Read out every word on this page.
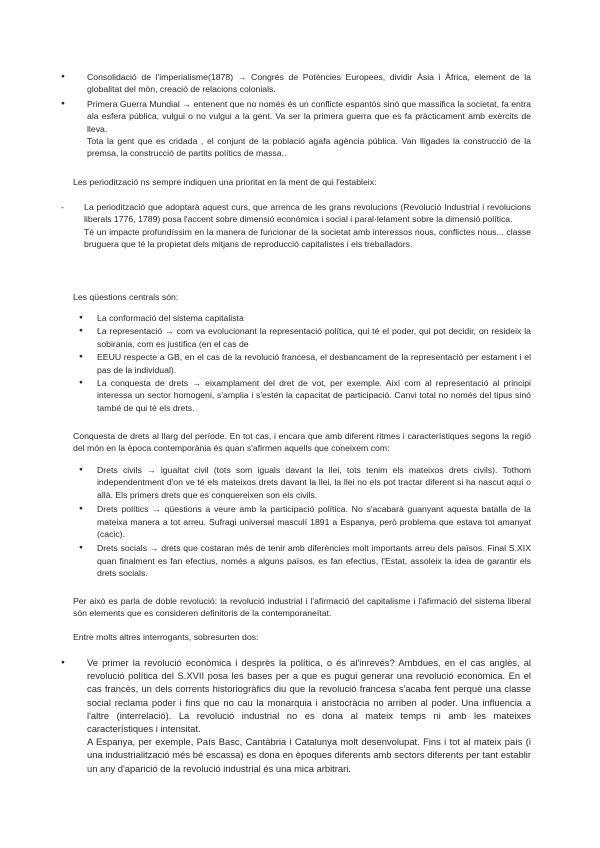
● Consolidació de l'imperialisme(1878) → Congrés de Potències Europees, dividir Àsia i Àfrica, element de la globalitat del món, creació de relacions colonials.
● Primera Guerra Mundial → entenent que no només és un conflicte espantós sinó que massifica la societat, fa entra ala esfera pública, vulgui o no vulgui a la gent. Va ser la primera guerra que es fa pràcticament amb exèrcits de lleva.
Tota la gent que es cridada , el conjunt de la població agafa agència pública. Van lligades la construcció de la premsa, la construcció de partits polítics de massa..

Les periodització ns sempre indiquen una prioritat en la ment de qui l'estableix:

- La periodització que adoptarà aquest curs, que arrenca de les grans revolucions (Revolució Industrial i revolucions liberals 1776, 1789) posa l'accent sobre dimensió econòmica i social i paral·lelament sobre la dimensió política.
Té un impacte profundíssim en la manera de funcionar de la societat amb interessos nous, conflictes nous... classe bruguera que té la propietat dels mitjans de reproducció capitalistes i els treballadors.

Les qüestions centrals són:

● La conformació del sistema capitalista
● La representació → com va evolucionant la representació política, qui té el poder, qui pot decidir, on resideix la sobirania, com es justifica (en el cas de
● EEUU respecte a GB, en el cas de la revolució francesa, el desbancament de la representació per estament i el pas de la individual).
● La conquesta de drets → eixamplament del dret de vot, per exemple. Així com al representació al principi interessa un sector homogeni, s'amplia i s'estén la capacitat de participació. Canvi total no només del tipus sinó també de qui té els drets.

Conquesta de drets al llarg del període. En tot cas, i encara que amb diferent ritmes i característiques segons la regió del món en la època contemporània és quan s'afirmen aquells que coneixem com:

● Drets civils → igualtat civil (tots som iguals davant la llei, tots tenim els mateixos drets civils). Tothom independentment d'on ve té els mateixos drets davant la llei, la llei no els pot tractar diferent si ha nascut aquí o allà. Els primers drets que es conquereixen son els civils.
● Drets polítics → qüestions a veure amb la participació política. No s'acabarà guanyant aquesta batalla de la mateixa manera a tot arreu. Sufragi universal masculí 1891 a Espanya, però problema que estava tot amanyat (cacic).
● Drets socials → drets que costaran més de tenir amb diferències molt importants arreu dels països. Final S.XIX quan finalment es fan efectius, només a alguns països, es fan efectius, l'Estat, assoleix la idea de garantir els drets socials.

Per això es parla de doble revolució: la revolució industrial i l'afirmació del capitalisme i l'afirmació del sistema liberal són elements que es consideren definitoris de la contemporaneïtat.

Entre molts altres interrogants, sobresurten dos:

● Ve primer la revolució econòmica i desprès la política, o és al'inrevés? Ambdues, en el cas anglès, al revolució política del S.XVII posa les bases per a que es pugui generar una revolució econòmica. En el cas francès, un dels corrents historiogràfics diu que la revolució francesa s'acaba fent perquè una classe social reclama poder i fins que no cau la monarquia i aristocràcia no arriben al poder. Una influencia a l'altre (interrelació). La revolució industrial no es dona al mateix temps ni amb les mateixes característiques i intensitat.
A Espanya, per exemple, País Basc, Cantàbria i Catalunya molt desenvolupat. Fins i tot al mateix país (i una industrialització més bé escassa) es dona en èpoques diferents amb sectors diferents per tant establir un any d'aparició de la revolució industrial és una mica arbitrari.
